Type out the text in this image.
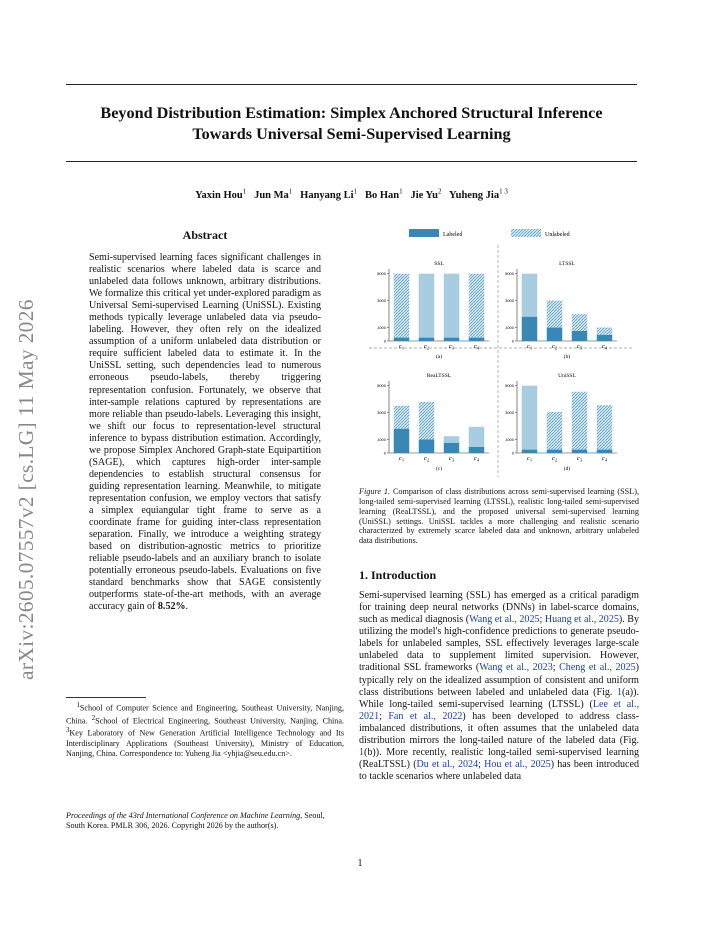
arXiv:2605.07557v2 [cs.LG] 11 May 2026
Beyond Distribution Estimation: Simplex Anchored Structural Inference
Towards Universal Semi-Supervised Learning
Yaxin Hou$^1$ Jun Ma$^1$ Hanyang Li$^1$ Bo Han$^1$ Jie Yu$^2$ Yuheng Jia$^{1 3}$
Abstract
Semi-supervised learning faces significant challenges in realistic scenarios where labeled data is scarce and unlabeled data follows unknown, arbitrary distributions. We formalize this critical yet under-explored paradigm as Universal Semi-supervised Learning (UniSSL). Existing methods typically leverage unlabeled data via pseudo-labeling. However, they often rely on the idealized assumption of a uniform unlabeled data distribution or require sufficient labeled data to estimate it. In the UniSSL setting, such dependencies lead to numerous erroneous pseudo-labels, thereby triggering representation confusion. Fortunately, we observe that inter-sample relations captured by representations are more reliable than pseudo-labels. Leveraging this insight, we shift our focus to representation-level structural inference to bypass distribution estimation. Accordingly, we propose Simplex Anchored Graph-state Equipartition (SAGE), which captures high-order inter-sample dependencies to establish structural consensus for guiding representation learning. Meanwhile, to mitigate representation confusion, we employ vectors that satisfy a simplex equiangular tight frame to serve as a coordinate frame for guiding inter-class representation separation. Finally, we introduce a weighting strategy based on distribution-agnostic metrics to prioritize reliable pseudo-labels and an auxiliary branch to isolate potentially erroneous pseudo-labels. Evaluations on five standard benchmarks show that SAGE consistently outperforms state-of-the-art methods, with an average accuracy gain of 8.52%.
$^1$School of Computer Science and Engineering, Southeast University, Nanjing, China. $^2$School of Electrical Engineering, Southeast University, Nanjing, China. $^3$Key Laboratory of New Generation Artificial Intelligence Technology and Its Interdisciplinary Applications (Southeast University), Ministry of Education, Nanjing, China. Correspondence to: Yuheng Jia <yhjia@seu.edu.cn>.
Proceedings of the 43rd International Conference on Machine Learning, Seoul, South Korea. PMLR 306, 2026. Copyright 2026 by the author(s).
Labeled	Unlabeled
SSL
0
1000
3000
5000
$c_1$	$c_2$	$c_3$	$c_4$
(a)
LTSSL
0
1000
3000
5000
$c_1$	$c_2$	$c_3$	$c_4$
(b)
ReaLTSSL
0
1000
3000
5000
$c_1$	$c_2$	$c_3$	$c_4$
(c)
UniSSL
0
1000
3000
5000
$c_1$	$c_2$	$c_3$	$c_4$
(d)
Figure 1. Comparison of class distributions across semi-supervised learning (SSL), long-tailed semi-supervised learning (LTSSL), realistic long-tailed semi-supervised learning (ReaLTSSL), and the proposed universal semi-supervised learning (UniSSL) settings. UniSSL tackles a more challenging and realistic scenario characterized by extremely scarce labeled data and unknown, arbitrary unlabeled data distributions.
1. Introduction
Semi-supervised learning (SSL) has emerged as a critical paradigm for training deep neural networks (DNNs) in label-scarce domains, such as medical diagnosis (Wang et al., 2025; Huang et al., 2025). By utilizing the model's high-confidence predictions to generate pseudo-labels for unlabeled samples, SSL effectively leverages large-scale unlabeled data to supplement limited supervision. However, traditional SSL frameworks (Wang et al., 2023; Cheng et al., 2025) typically rely on the idealized assumption of consistent and uniform class distributions between labeled and unlabeled data (Fig. 1(a)). While long-tailed semi-supervised learning (LTSSL) (Lee et al., 2021; Fan et al., 2022) has been developed to address class-imbalanced distributions, it often assumes that the unlabeled data distribution mirrors the long-tailed nature of the labeled data (Fig. 1(b)). More recently, realistic long-tailed semi-supervised learning (ReaLTSSL) (Du et al., 2024; Hou et al., 2025) has been introduced to tackle scenarios where unlabeled data
1
